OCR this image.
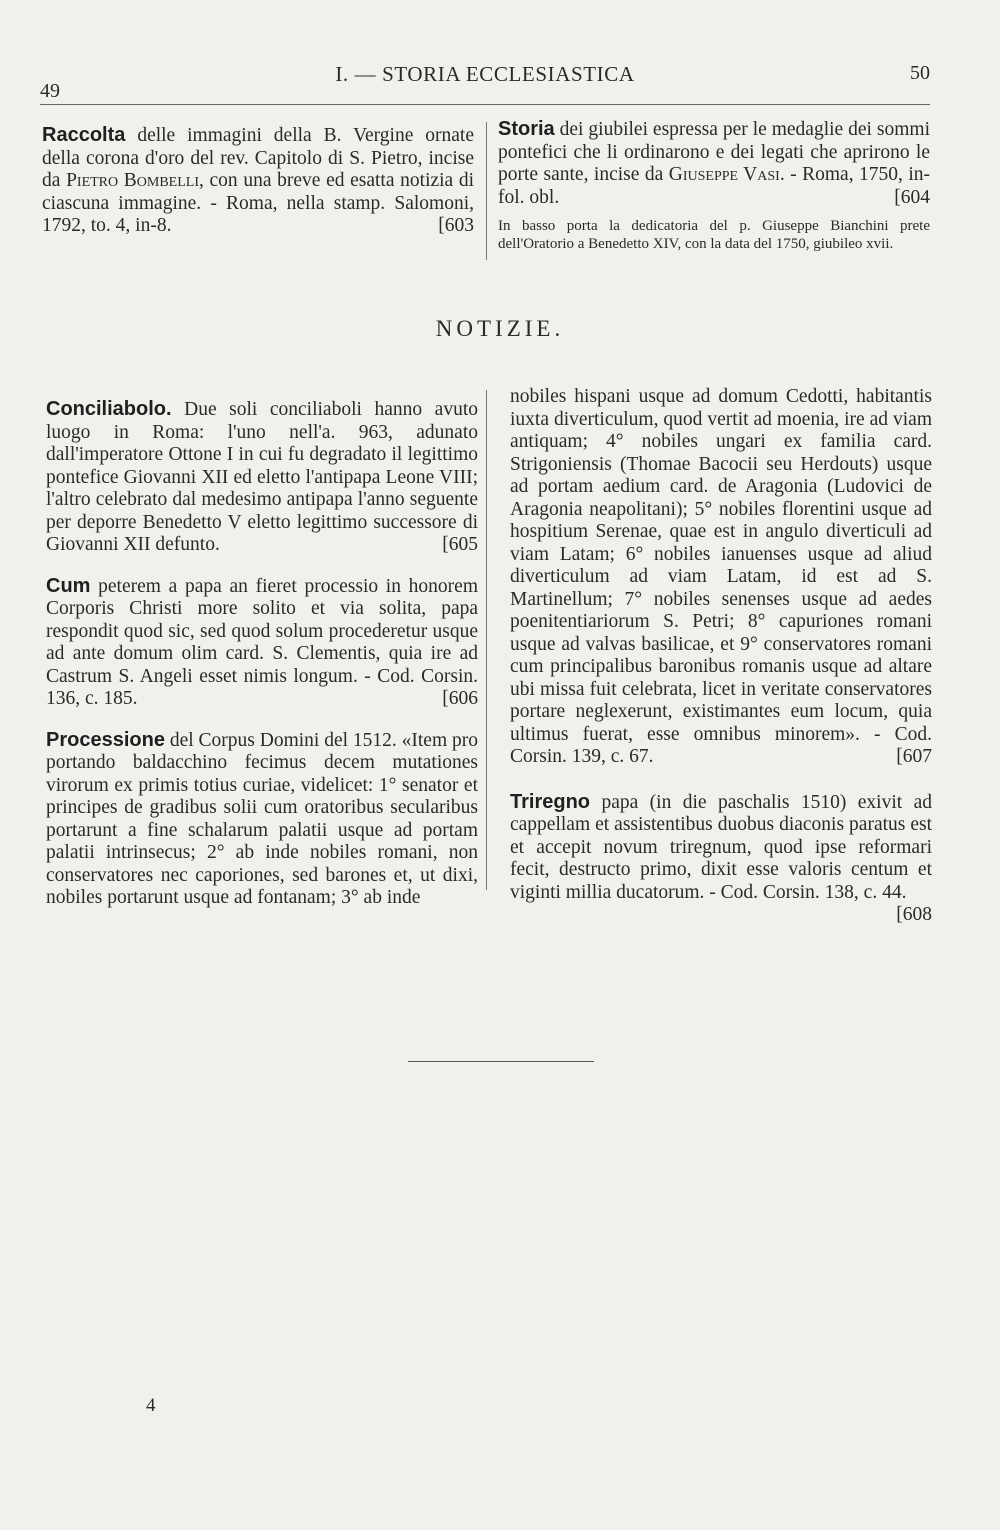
49
I. — STORIA ECCLESIASTICA	50
Raccolta delle immagini della B. Vergine ornate della corona d'oro del rev. Capitolo di S. Pietro, incise da Pietro Bombelli, con una breve ed esatta notizia di ciascuna immagine. - Roma, nella stamp. Salomoni, 1792, to. 4, in-8.	[603
Storia dei giubilei espressa per le medaglie dei sommi pontefici che li ordinarono e dei legati che aprirono le porte sante, incise da Giuseppe Vasi. - Roma, 1750, in-fol. obl.	[604
In basso porta la dedicatoria del p. Giuseppe Bianchini prete dell'Oratorio a Benedetto XIV, con la data del 1750, giubileo xvii.
NOTIZIE.
Conciliabolo. Due soli conciliaboli hanno avuto luogo in Roma: l'uno nell'a. 963, adunato dall'imperatore Ottone I in cui fu degradato il legittimo pontefice Giovanni XII ed eletto l'antipapa Leone VIII; l'altro celebrato dal medesimo antipapa l'anno seguente per deporre Benedetto V eletto legittimo successore di Giovanni XII defunto.	[605
Cum peterem a papa an fieret processio in honorem Corporis Christi more solito et via solita, papa respondit quod sic, sed quod solum procederetur usque ad ante domum olim card. S. Clementis, quia ire ad Castrum S. Angeli esset nimis longum. - Cod. Corsin. 136, c. 185.	[606
Processione del Corpus Domini del 1512. «Item pro portando baldacchino fecimus decem mutationes virorum ex primis totius curiae, videlicet: 1° senator et principes de gradibus solii cum oratoribus secularibus portarunt a fine schalarum palatii usque ad portam palatii intrinsecus; 2° ab inde nobiles romani, non conservatores nec caporiones, sed barones et, ut dixi, nobiles portarunt usque ad fontanam; 3° ab inde
nobiles hispani usque ad domum Cedotti, habitantis iuxta diverticulum, quod vertit ad moenia, ire ad viam antiquam; 4° nobiles ungari ex familia card. Strigoniensis (Thomae Bacocii seu Herdouts) usque ad portam aedium card. de Aragonia (Ludovici de Aragonia neapolitani); 5° nobiles florentini usque ad hospitium Serenae, quae est in angulo diverticuli ad viam Latam; 6° nobiles ianuenses usque ad aliud diverticulum ad viam Latam, id est ad S. Martinellum; 7° nobiles senenses usque ad aedes poenitentiariorum S. Petri; 8° capuriones romani usque ad valvas basilicae, et 9° conservatores romani cum principalibus baronibus romanis usque ad altare ubi missa fuit celebrata, licet in veritate conservatores portare neglexerunt, existimantes eum locum, quia ultimus fuerat, esse omnibus minorem». - Cod. Corsin. 139, c. 67.	[607
Triregno papa (in die paschalis 1510) exivit ad cappellam et assistentibus duobus diaconis paratus est et accepit novum triregnum, quod ipse reformari fecit, destructo primo, dixit esse valoris centum et viginti millia ducatorum. - Cod. Corsin. 138, c. 44.
[608
4
